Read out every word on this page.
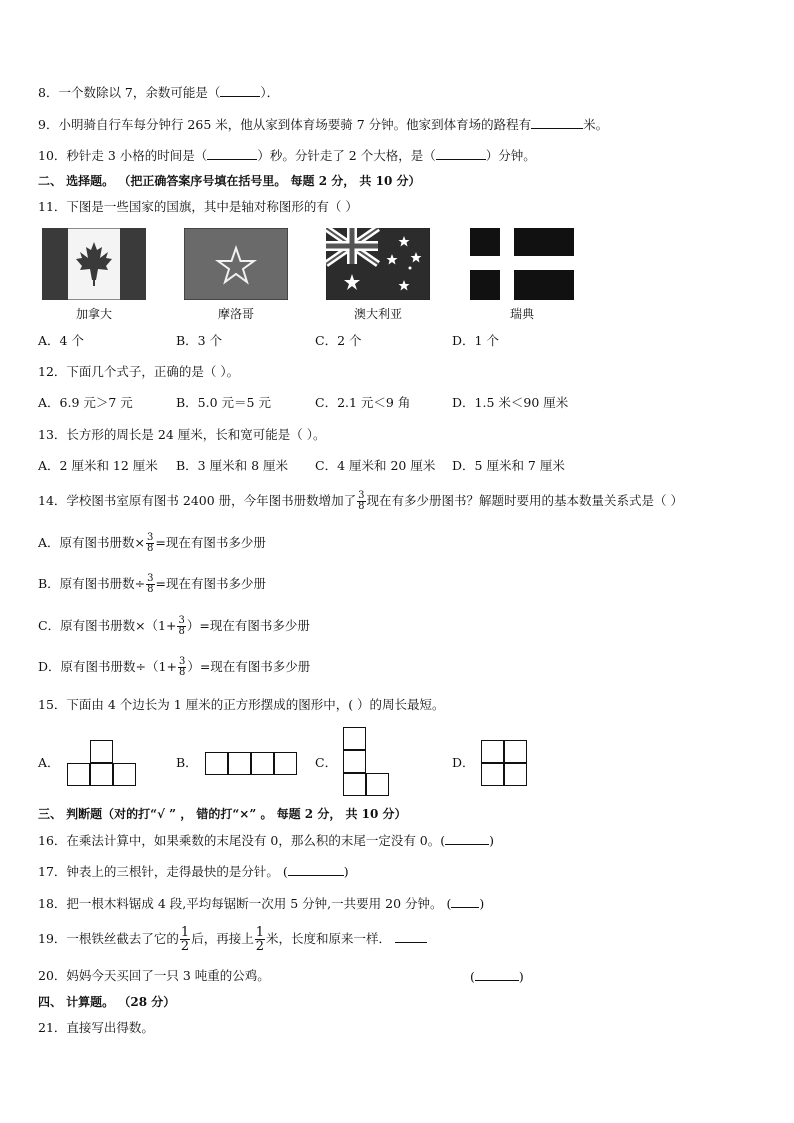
8．一个数除以 7，余数可能是（	）．
9．小明骑自行车每分钟行 265 米，他从家到体育场要骑 7 分钟。他家到体育场的路程有	米。
10．秒针走 3 小格的时间是（	）秒。分针走了 2 个大格，是（	）分钟。
二、 选择题。 （把正确答案序号填在括号里。 每题 2 分， 共 10 分）
11．下图是一些国家的国旗，其中是轴对称图形的有（ ）
加拿大	摩洛哥	澳大利亚	瑞典
A．4 个	B．3 个	C．2 个	D．1 个
12．下面几个式子，正确的是（ ）。
A．6.9 元＞7 元	B．5.0 元＝5 元	C．2.1 元＜9 角	D．1.5 米＜90 厘米
13．长方形的周长是 24 厘米，长和宽可能是（ ）。
A．2 厘米和 12 厘米 B．3 厘米和 8 厘米 C．4 厘米和 20 厘米 D．5 厘米和 7 厘米
14．学校图书室原有图书 2400 册，今年图书册数增加了 $\frac{3}{8}$ 现在有多少册图书？解题时要用的基本数量关系式是（ ）
A．原有图书册数× $\frac{3}{8}$ =现在有图书多少册
B．原有图书册数÷ $\frac{3}{8}$ =现在有图书多少册
C．原有图书册数$\times(1+ \frac{3}{8}$ ）=现在有图书多少册
D．原有图书册数$\div(1+ \frac{3}{8}$ ）=现在有图书多少册
15．下面由 4 个边长为 1 厘米的正方形摆成的图形中，( ）的周长最短。
A．	B．	C．	D．
三、 判断题（对的打“√ ” ， 错的打“×” 。 每题 2 分， 共 10 分）
16．在乘法计算中，如果乘数的末尾没有 0，那么积的末尾一定没有 0。(	)
17．钟表上的三根针，走得最快的是分针。 (	)
18．把一根木料锯成 4 段,平均每锯断一次用 5 分钟,一共要用 20 分钟。 ( )
19．一根铁丝截去了它的 $\frac{1}{2}$ 后，再接上 $\frac{1}{2}$ 米，长度和原来一样．
20．妈妈今天买回了一只 3 吨重的公鸡。	(	)
四、 计算题。 （28 分）
21．直接写出得数。
